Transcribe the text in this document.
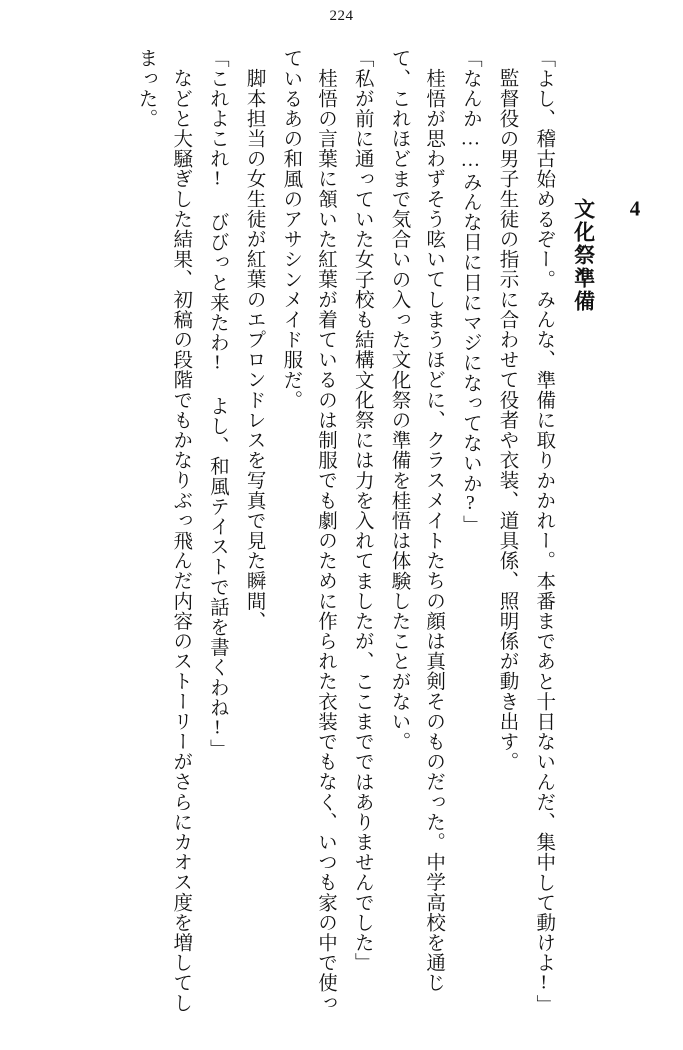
224
4
文化祭準備
「よし、稽古始めるぞー。みんな、準備に取りかかれー。本番まであと十日ないんだ、集中して動けよ!」
監督役の男子生徒の指示に合わせて役者や衣装、道具係、照明係が動き出す。
「なんか……みんな日に日にマジになってないか?」
桂悟が思わずそう呟いてしまうほどに、クラスメイトたちの顔は真剣そのものだった。中学高校を通じて、これほどまで気合いの入った文化祭の準備を桂悟は体験したことがない。
「私が前に通っていた女子校も結構文化祭には力を入れてましたが、ここまでではありませんでした」
桂悟の言葉に頷いた紅葉が着ているのは制服でも劇のために作られた衣装でもなく、いつも家の中で使っているあの和風のアサシンメイド服だ。
脚本担当の女生徒が紅葉のエプロンドレスを写真で見た瞬間、
「これよこれ! びびっと来たわ! よし、和風テイストで話を書くわね!」
などと大騒ぎした結果、初稿の段階でもかなりぶっ飛んだ内容のストーリーがさらにカオス度を増してしまった。
